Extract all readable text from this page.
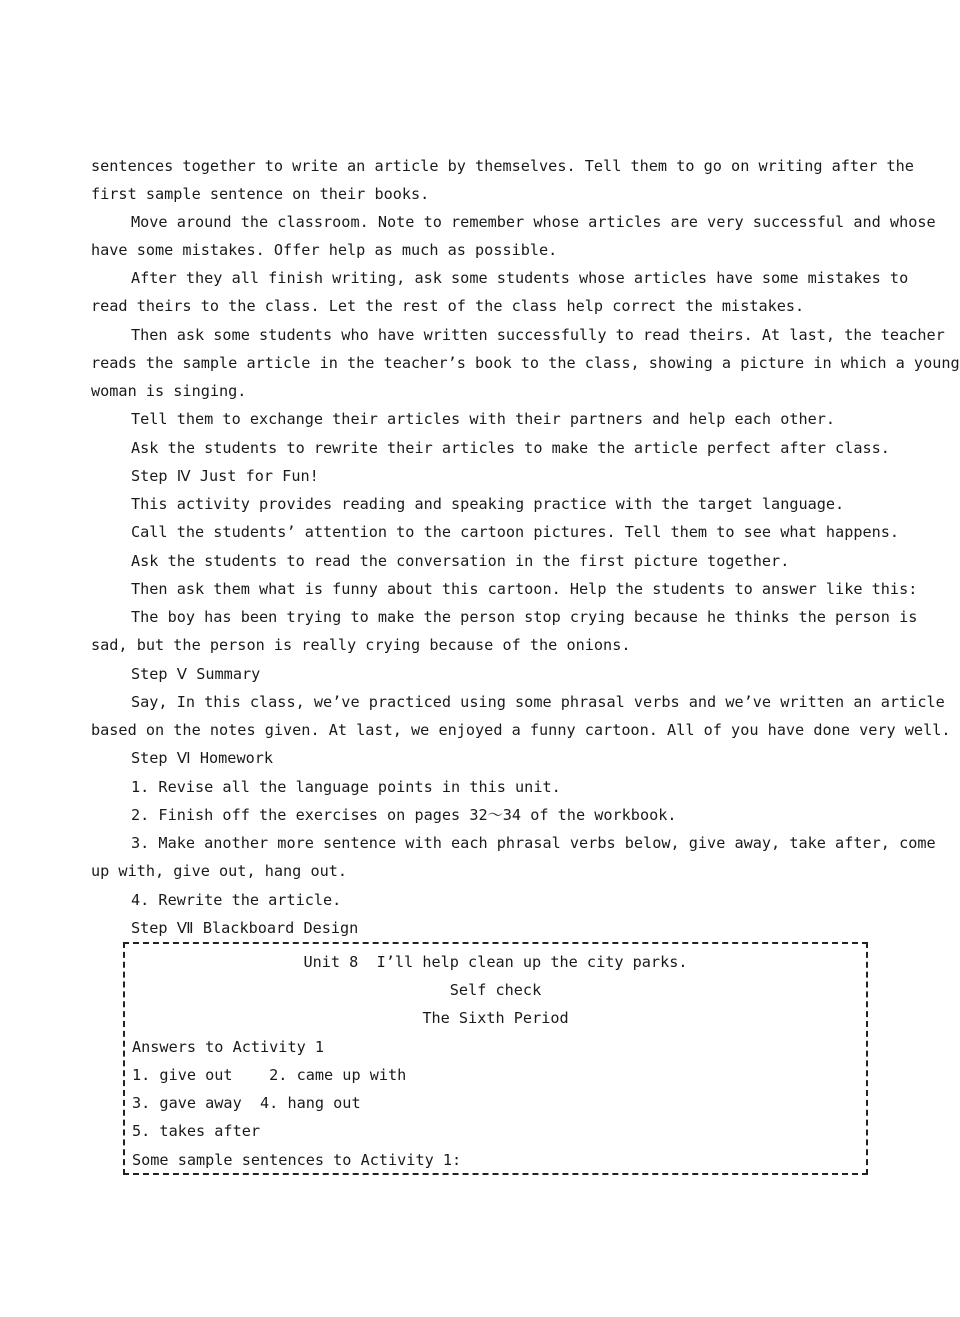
sentences together to write an article by themselves. Tell them to go on writing after the
first sample sentence on their books.
Move around the classroom. Note to remember whose articles are very successful and whose
have some mistakes. Offer help as much as possible.
After they all finish writing, ask some students whose articles have some mistakes to
read theirs to the class. Let the rest of the class help correct the mistakes.
Then ask some students who have written successfully to read theirs. At last, the teacher
reads the sample article in the teacher’s book to the class, showing a picture in which a young
woman is singing.
Tell them to exchange their articles with their partners and help each other.
Ask the students to rewrite their articles to make the article perfect after class.
Step Ⅳ Just for Fun!
This activity provides reading and speaking practice with the target language.
Call the students’ attention to the cartoon pictures. Tell them to see what happens.
Ask the students to read the conversation in the first picture together.
Then ask them what is funny about this cartoon. Help the students to answer like this:
The boy has been trying to make the person stop crying because he thinks the person is
sad, but the person is really crying because of the onions.
Step Ⅴ Summary
Say, In this class, we’ve practiced using some phrasal verbs and we’ve written an article
based on the notes given. At last, we enjoyed a funny cartoon. All of you have done very well.
Step Ⅵ Homework
1. Revise all the language points in this unit.
2. Finish off the exercises on pages 32～34 of the workbook.
3. Make another more sentence with each phrasal verbs below, give away, take after, come
up with, give out, hang out.
4. Rewrite the article.
Step Ⅶ Blackboard Design
Unit 8  I’ll help clean up the city parks.
Self check
The Sixth Period
Answers to Activity 1
1. give out    2. came up with
3. gave away  4. hang out
5. takes after
Some sample sentences to Activity 1:
